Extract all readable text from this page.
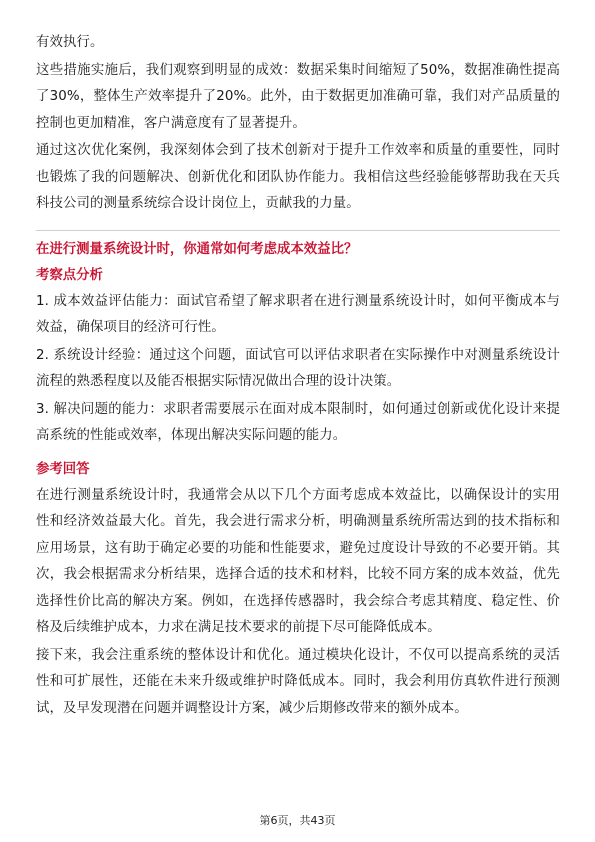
有效执行。

这些措施实施后，我们观察到明显的成效：数据采集时间缩短了50%，数据准确性提高了30%，整体生产效率提升了20%。此外，由于数据更加准确可靠，我们对产品质量的控制也更加精准，客户满意度有了显著提升。

通过这次优化案例，我深刻体会到了技术创新对于提升工作效率和质量的重要性，同时也锻炼了我的问题解决、创新优化和团队协作能力。我相信这些经验能够帮助我在天兵科技公司的测量系统综合设计岗位上，贡献我的力量。

在进行测量系统设计时，你通常如何考虑成本效益比？

考察点分析

1. 成本效益评估能力：面试官希望了解求职者在进行测量系统设计时，如何平衡成本与效益，确保项目的经济可行性。

2. 系统设计经验：通过这个问题，面试官可以评估求职者在实际操作中对测量系统设计流程的熟悉程度以及能否根据实际情况做出合理的设计决策。

3. 解决问题的能力：求职者需要展示在面对成本限制时，如何通过创新或优化设计来提高系统的性能或效率，体现出解决实际问题的能力。

参考回答

在进行测量系统设计时，我通常会从以下几个方面考虑成本效益比，以确保设计的实用性和经济效益最大化。首先，我会进行需求分析，明确测量系统所需达到的技术指标和应用场景，这有助于确定必要的功能和性能要求，避免过度设计导致的不必要开销。其次，我会根据需求分析结果，选择合适的技术和材料，比较不同方案的成本效益，优先选择性价比高的解决方案。例如，在选择传感器时，我会综合考虑其精度、稳定性、价格及后续维护成本，力求在满足技术要求的前提下尽可能降低成本。

接下来，我会注重系统的整体设计和优化。通过模块化设计，不仅可以提高系统的灵活性和可扩展性，还能在未来升级或维护时降低成本。同时，我会利用仿真软件进行预测试，及早发现潜在问题并调整设计方案，减少后期修改带来的额外成本。

第6页，共43页
